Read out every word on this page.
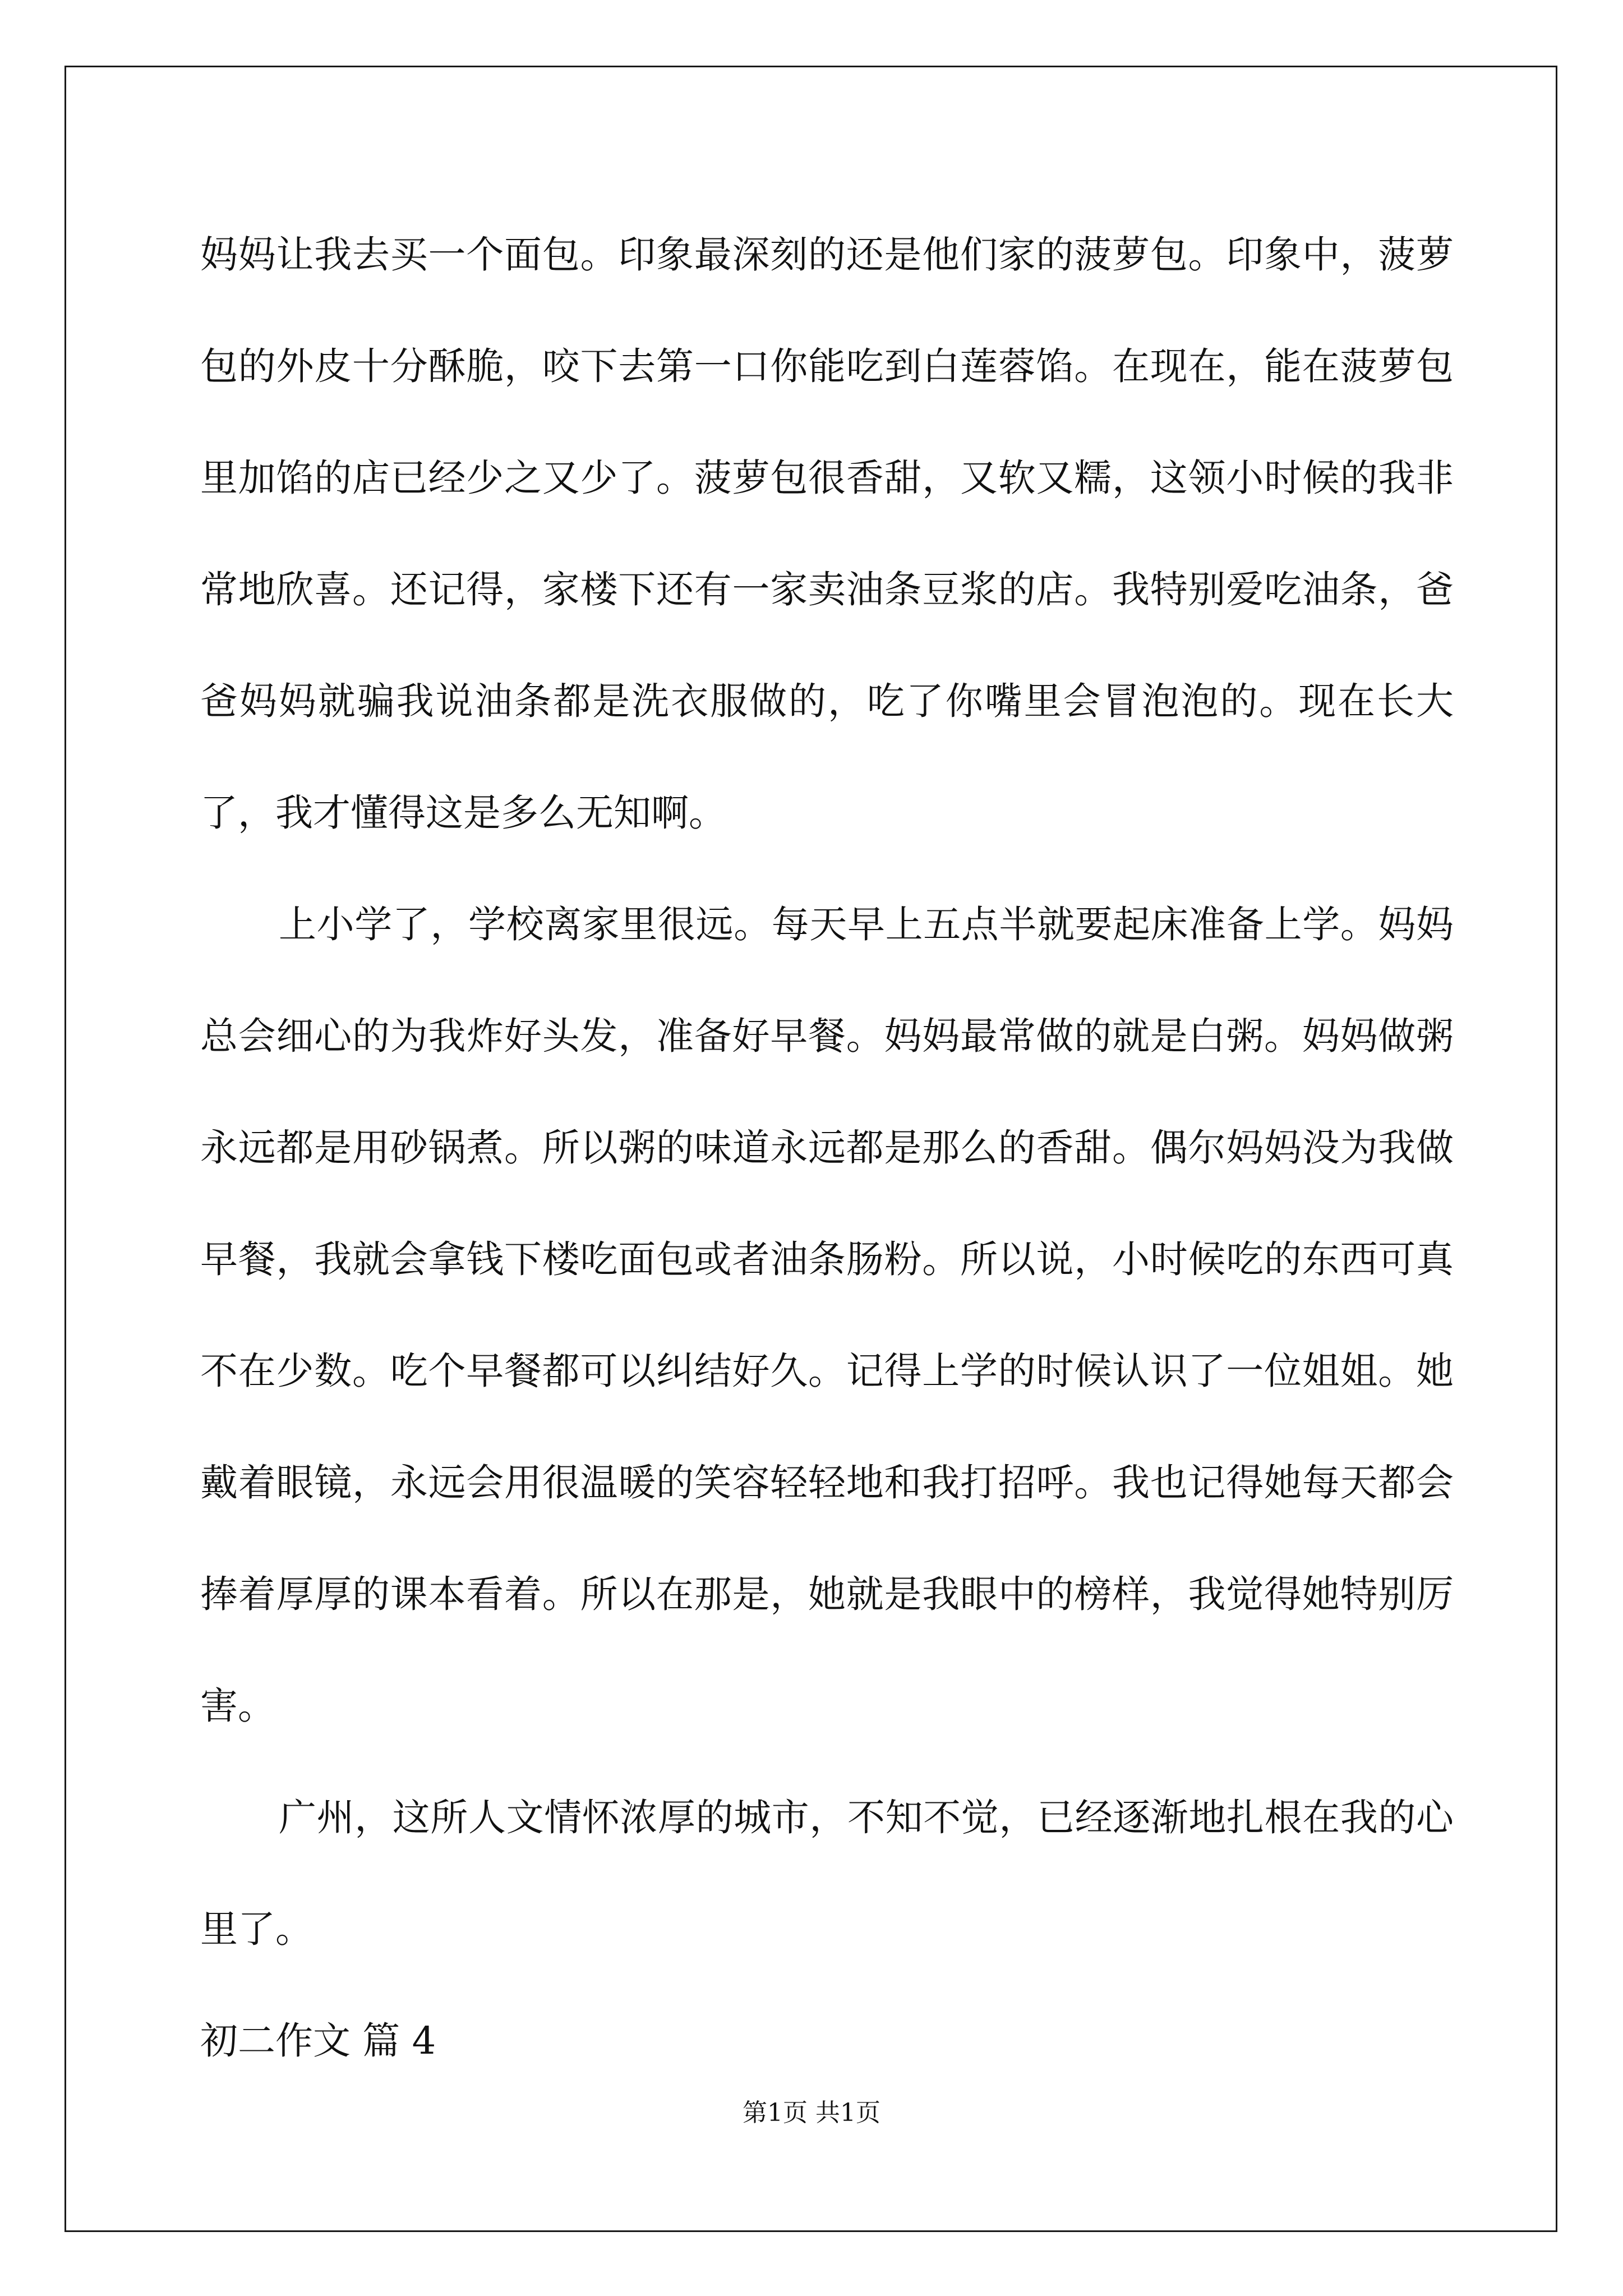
妈妈让我去买一个面包。印象最深刻的还是他们家的菠萝包。印象中，菠萝包的外皮十分酥脆，咬下去第一口你能吃到白莲蓉馅。在现在，能在菠萝包里加馅的店已经少之又少了。菠萝包很香甜，又软又糯，这领小时候的我非常地欣喜。还记得，家楼下还有一家卖油条豆浆的店。我特别爱吃油条，爸爸妈妈就骗我说油条都是洗衣服做的，吃了你嘴里会冒泡泡的。现在长大了，我才懂得这是多么无知啊。

上小学了，学校离家里很远。每天早上五点半就要起床准备上学。妈妈总会细心的为我炸好头发，准备好早餐。妈妈最常做的就是白粥。妈妈做粥永远都是用砂锅煮。所以粥的味道永远都是那么的香甜。偶尔妈妈没为我做早餐，我就会拿钱下楼吃面包或者油条肠粉。所以说，小时候吃的东西可真不在少数。吃个早餐都可以纠结好久。记得上学的时候认识了一位姐姐。她戴着眼镜，永远会用很温暖的笑容轻轻地和我打招呼。我也记得她每天都会捧着厚厚的课本看着。所以在那是，她就是我眼中的榜样，我觉得她特别厉害。

广州，这所人文情怀浓厚的城市，不知不觉，已经逐渐地扎根在我的心里了。

初二作文 篇 4

第1页 共1页
